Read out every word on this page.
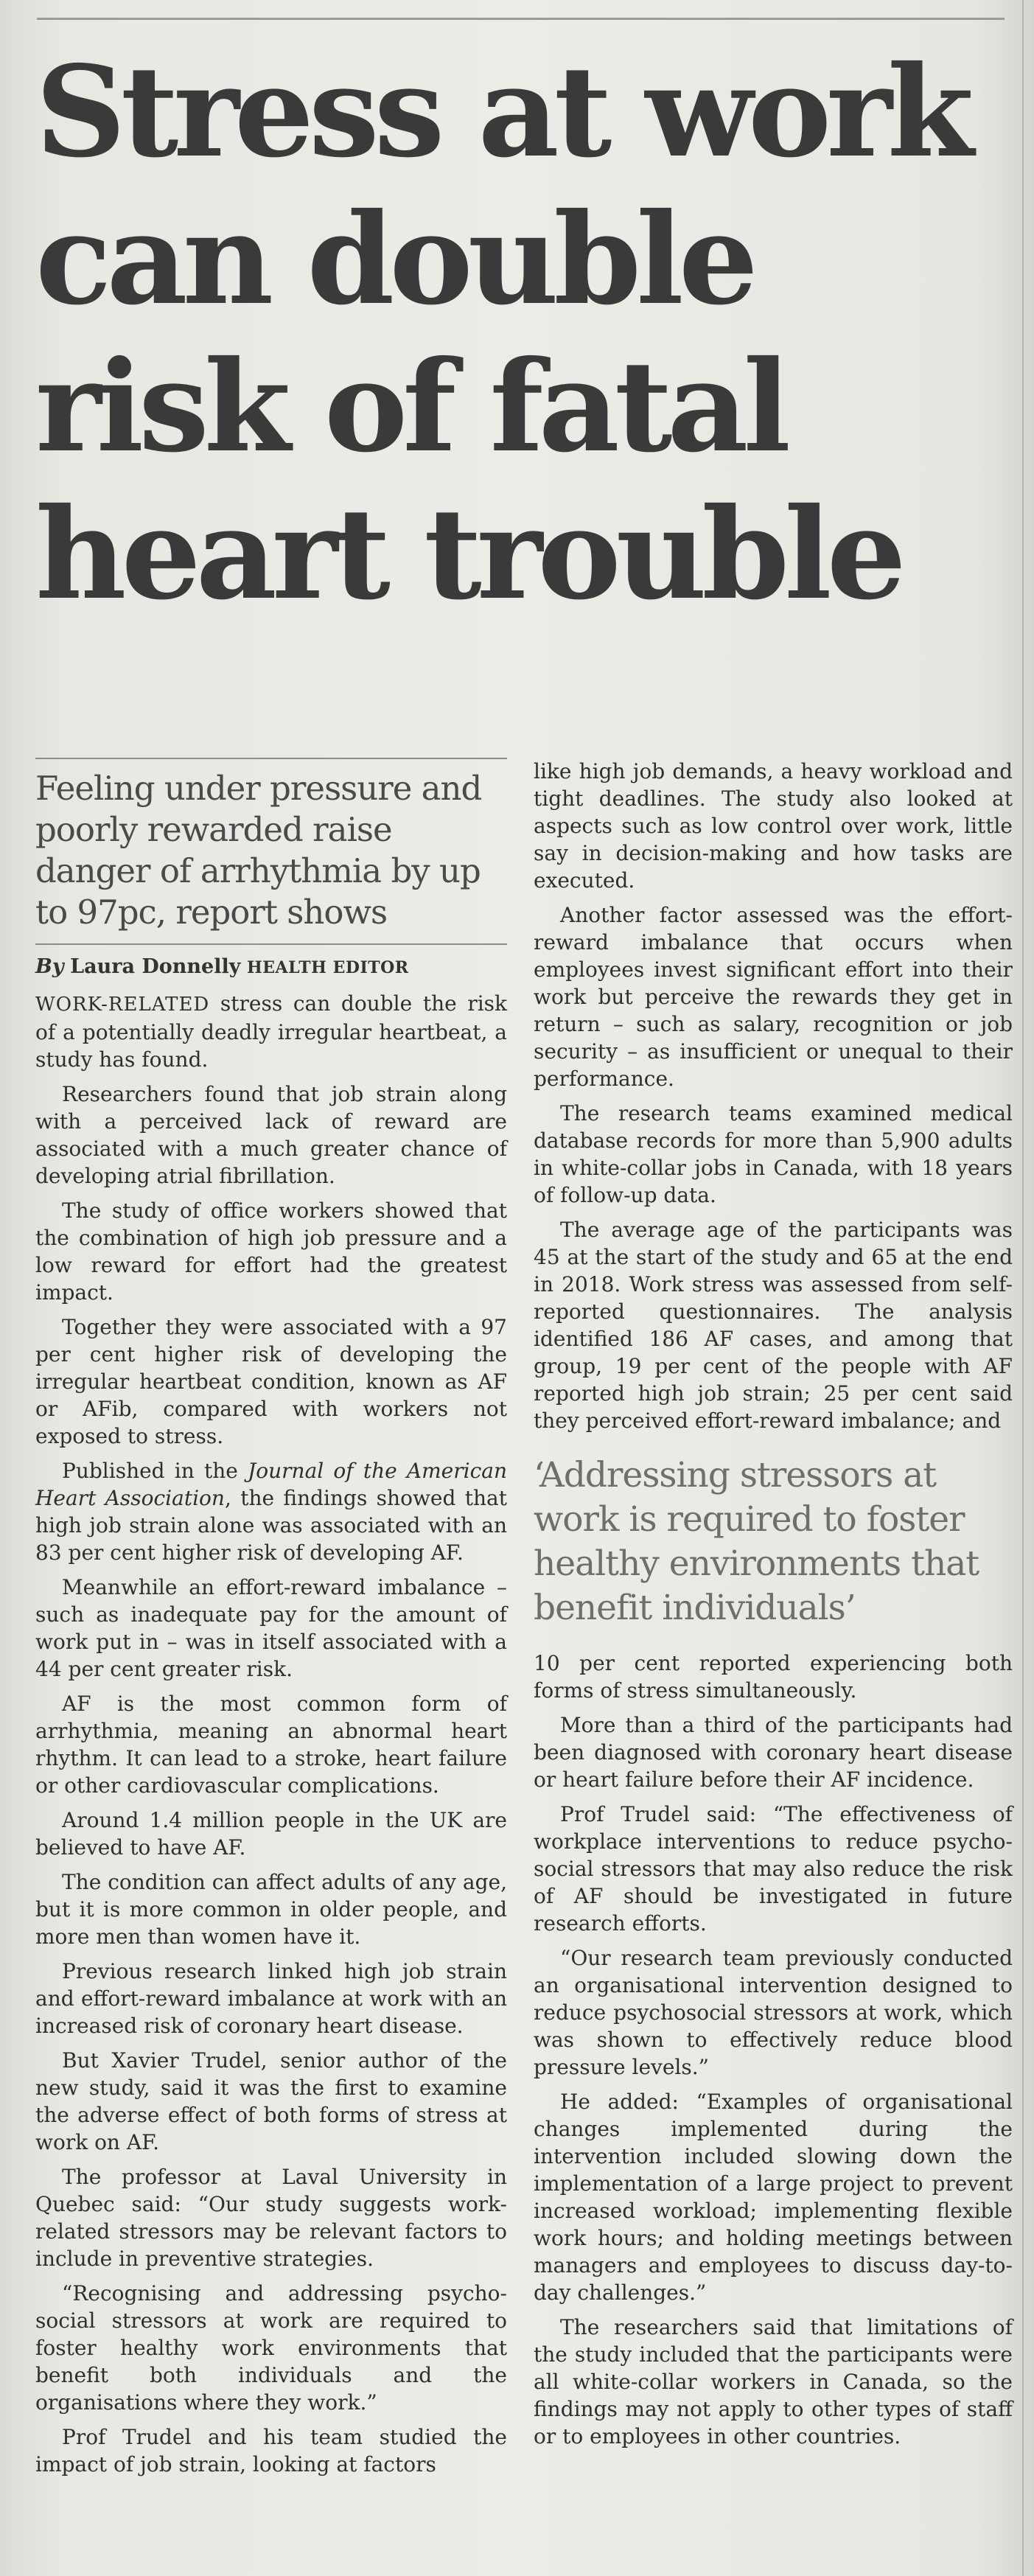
Stress at work
can double
risk of fatal
heart trouble
Feeling under pressure and poorly rewarded raise danger of arrhythmia by up to 97pc, report shows
By Laura Donnelly HEALTH EDITOR

WORK-RELATED stress can double the risk of a potentially deadly irregular heartbeat, a study has found.

Researchers found that job strain along with a perceived lack of reward are associated with a much greater chance of developing atrial fibrillation.

The study of office workers showed that the combination of high job pressure and a low reward for effort had the greatest impact.

Together they were associated with a 97 per cent higher risk of developing the irregular heartbeat condition, known as AF or AFib, compared with workers not exposed to stress.

Published in the Journal of the American Heart Association, the findings showed that high job strain alone was associated with an 83 per cent higher risk of developing AF.

Meanwhile an effort-reward imbalance – such as inadequate pay for the amount of work put in – was in itself associated with a 44 per cent greater risk.

AF is the most common form of arrhythmia, meaning an abnormal heart rhythm. It can lead to a stroke, heart failure or other cardiovascular complications.

Around 1.4 million people in the UK are believed to have AF.

The condition can affect adults of any age, but it is more common in older people, and more men than women have it.

Previous research linked high job strain and effort-reward imbalance at work with an increased risk of coronary heart disease.

But Xavier Trudel, senior author of the new study, said it was the first to examine the adverse effect of both forms of stress at work on AF.

The professor at Laval University in Quebec said: “Our study suggests work-related stressors may be relevant factors to include in preventive strategies.

“Recognising and addressing psycho-social stressors at work are required to foster healthy work environments that benefit both individuals and the organisations where they work.”

Prof Trudel and his team studied the impact of job strain, looking at factors

like high job demands, a heavy workload and tight deadlines. The study also looked at aspects such as low control over work, little say in decision-making and how tasks are executed.

Another factor assessed was the effort-reward imbalance that occurs when employees invest significant effort into their work but perceive the rewards they get in return – such as salary, recognition or job security – as insufficient or unequal to their performance.

The research teams examined medical database records for more than 5,900 adults in white-collar jobs in Canada, with 18 years of follow-up data.

The average age of the participants was 45 at the start of the study and 65 at the end in 2018. Work stress was assessed from self-reported questionnaires. The analysis identified 186 AF cases, and among that group, 19 per cent of the people with AF reported high job strain; 25 per cent said they perceived effort-reward imbalance; and

‘Addressing stressors at work is required to foster healthy environments that benefit individuals’

10 per cent reported experiencing both forms of stress simultaneously.

More than a third of the participants had been diagnosed with coronary heart disease or heart failure before their AF incidence.

Prof Trudel said: “The effectiveness of workplace interventions to reduce psycho-social stressors that may also reduce the risk of AF should be investigated in future research efforts.

“Our research team previously conducted an organisational intervention designed to reduce psychosocial stressors at work, which was shown to effectively reduce blood pressure levels.”

He added: “Examples of organisational changes implemented during the intervention included slowing down the implementation of a large project to prevent increased workload; implementing flexible work hours; and holding meetings between managers and employees to discuss day-to-day challenges.”

The researchers said that limitations of the study included that the participants were all white-collar workers in Canada, so the findings may not apply to other types of staff or to employees in other countries.
